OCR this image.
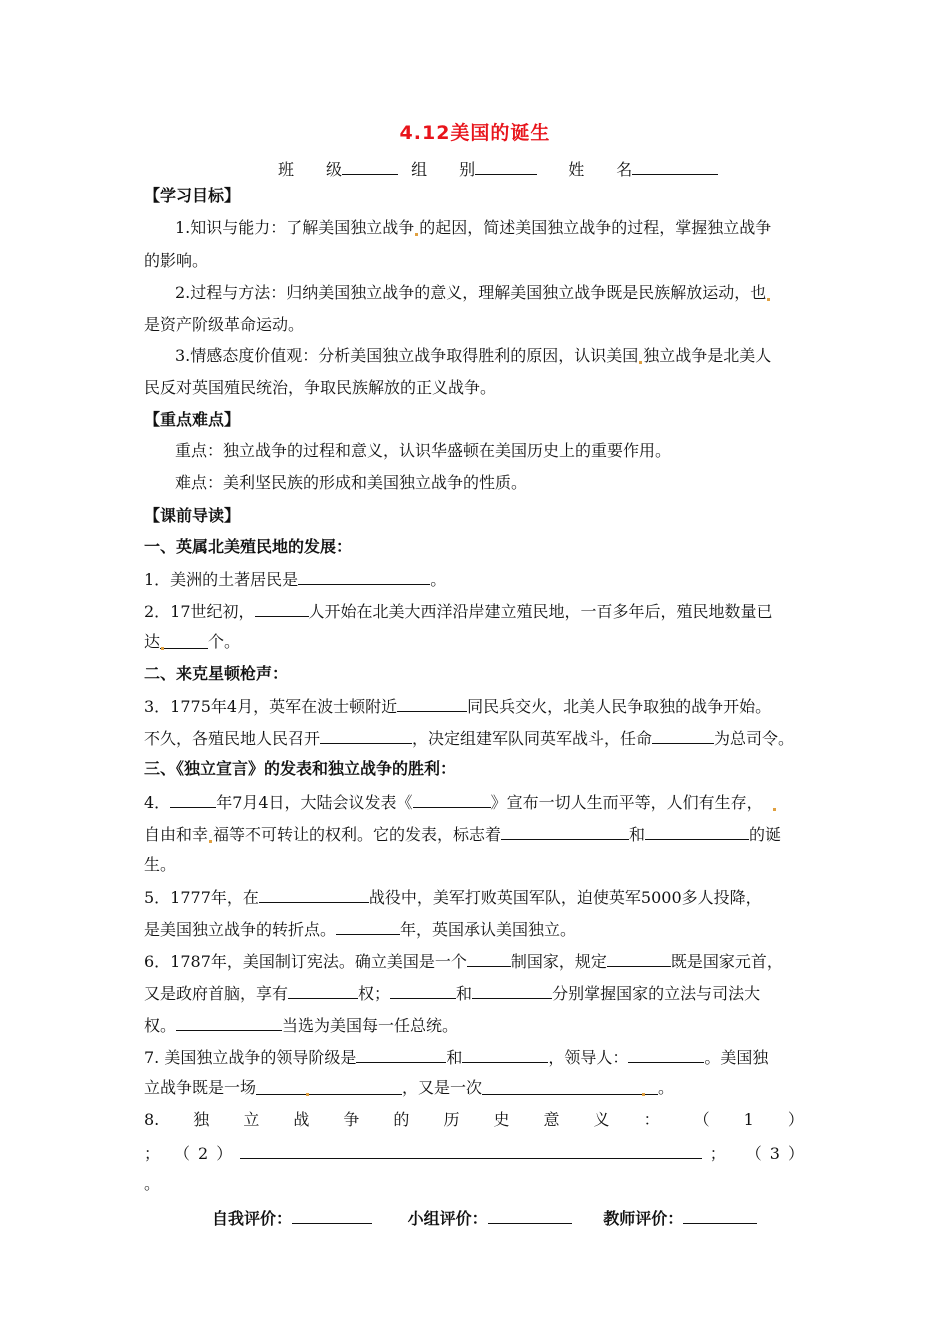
4.12美国的诞生
班　　级	组　　别	姓　　名
【学习目标】
1.知识与能力：了解美国独立战争 的起因，简述美国独立战争的过程，掌握独立战争
的影响。
2.过程与方法：归纳美国独立战争的意义，理解美国独立战争既是民族解放运动，也
是资产阶级革命运动。
3.情感态度价值观：分析美国独立战争取得胜利的原因，认识美国 独立战争是北美人
民反对英国殖民统治，争取民族解放的正义战争。
【重点难点】
重点：独立战争的过程和意义，认识华盛顿在美国历史上的重要作用。
难点：美利坚民族的形成和美国独立战争的性质。
【课前导读】
一、英属北美殖民地的发展：
1．美洲的土著居民是	。
2．17世纪初，	人开始在北美大西洋沿岸建立殖民地，一百多年后，殖民地数量已
达	个。
二、来克星顿枪声：
3．1775年4月，英军在波士顿附近	同民兵交火，北美人民争取独的战争开始。
不久，各殖民地人民召开	，决定组建军队同英军战斗，任命	为总司令。
三、《独立宣言》的发表和独立战争的胜利：
4．	年7月4日，大陆会议发表《	》宣布一切人生而平等，人们有生存，
自由和幸 福等不可转让的权利。它的发表，标志着	和	的诞
生。
5．1777年，在	战役中，美军打败英国军队，迫使英军5000多人投降，
是美国独立战争的转折点。	年，英国承认美国独立。
6．1787年，美国制订宪法。确立美国是一个	制国家，规定	既是国家元首，
又是政府首脑，享有	权；	和	分别掌握国家的立法与司法大
权。	当选为美国每一任总统。
7. 美国独立战争的领导阶级是	和	，领导人：	。美国独
立战争既是一场	，又是一次	。
8. 独 立 战 争 的 历 史 意 义 ： （ 1 ）
； （ 2 ）	； （ 3 ）
。
自我评价：	小组评价：	教师评价：
